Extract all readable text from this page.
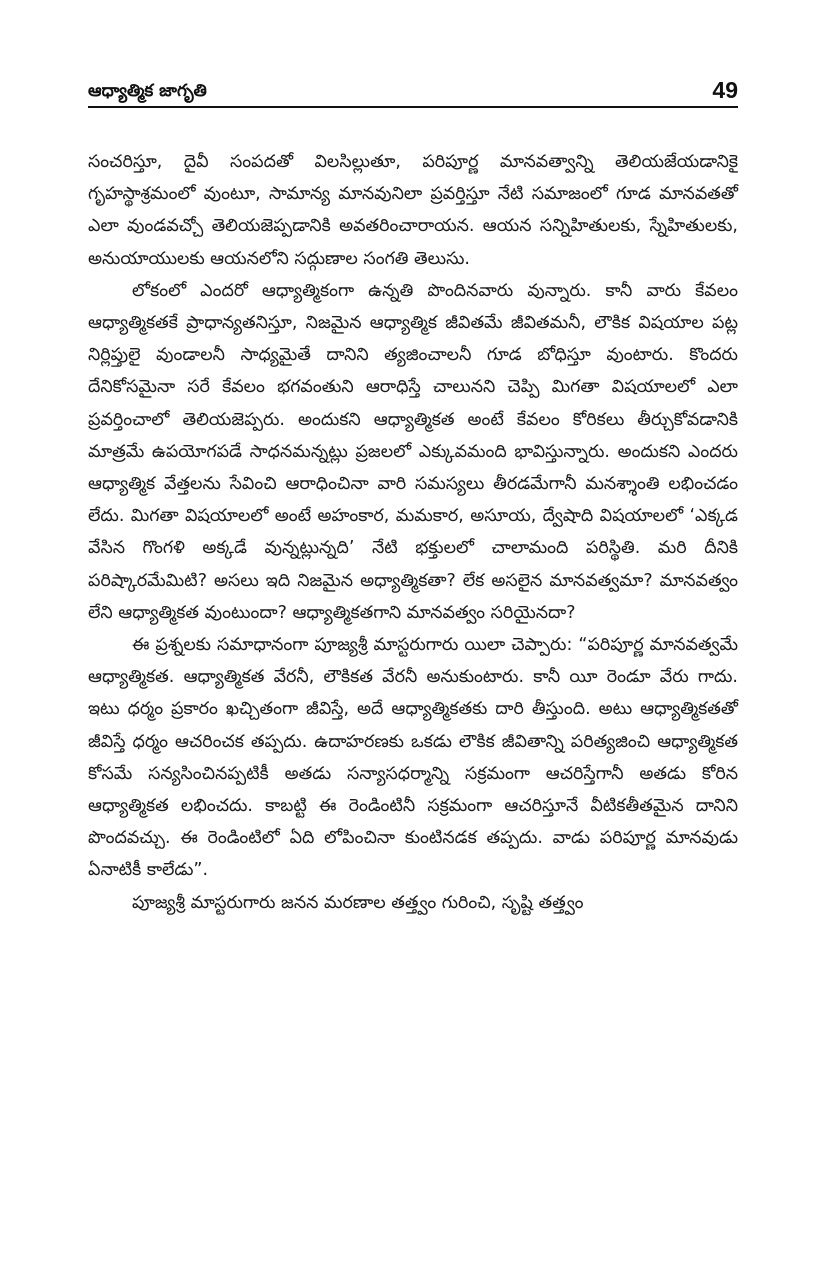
ఆధ్యాత్మిక జాగృతి	49

సంచరిస్తూ, దైవీ సంపదతో విలసిల్లుతూ, పరిపూర్ణ మానవత్వాన్ని తెలియజేయడానికై గృహస్థాశ్రమంలో వుంటూ, సామాన్య మానవునిలా ప్రవర్తిస్తూ నేటి సమాజంలో గూడ మానవతతో ఎలా వుండవచ్చో తెలియజెప్పడానికి అవతరించారాయన. ఆయన సన్నిహితులకు, స్నేహితులకు, అనుయాయులకు ఆయనలోని సద్గుణాల సంగతి తెలుసు.

లోకంలో ఎందరో ఆధ్యాత్మికంగా ఉన్నతి పొందినవారు వున్నారు. కానీ వారు కేవలం ఆధ్యాత్మికతకే ప్రాధాన్యతనిస్తూ, నిజమైన ఆధ్యాత్మిక జీవితమే జీవితమనీ, లౌకిక విషయాల పట్ల నిర్లిప్తులై వుండాలనీ సాధ్యమైతే దానిని త్యజించాలనీ గూడ బోధిస్తూ వుంటారు. కొందరు దేనికోసమైనా సరే కేవలం భగవంతుని ఆరాధిస్తే చాలునని చెప్పి మిగతా విషయాలలో ఎలా ప్రవర్తించాలో తెలియజెప్పరు. అందుకని ఆధ్యాత్మికత అంటే కేవలం కోరికలు తీర్చుకోవడానికి మాత్రమే ఉపయోగపడే సాధనమన్నట్లు ప్రజలలో ఎక్కువమంది భావిస్తున్నారు. అందుకని ఎందరు ఆధ్యాత్మిక వేత్తలను సేవించి ఆరాధించినా వారి సమస్యలు తీరడమేగానీ మనశ్శాంతి లభించడం లేదు. మిగతా విషయాలలో అంటే అహంకార, మమకార, అసూయ, ద్వేషాది విషయాలలో ‘ఎక్కడ వేసిన గొంగళి అక్కడే వున్నట్లున్నది’ నేటి భక్తులలో చాలామంది పరిస్థితి. మరి దీనికి పరిష్కారమేమిటి? అసలు ఇది నిజమైన అధ్యాత్మికతా? లేక అసలైన మానవత్వమా? మానవత్వం లేని ఆధ్యాత్మికత వుంటుందా? ఆధ్యాత్మికతగాని మానవత్వం సరియైనదా?

ఈ ప్రశ్నలకు సమాధానంగా పూజ్యశ్రీ మాస్టరుగారు యిలా చెప్పారు: “పరిపూర్ణ మానవత్వమే ఆధ్యాత్మికత. ఆధ్యాత్మికత వేరనీ, లౌకికత వేరనీ అనుకుంటారు. కానీ యీ రెండూ వేరు గాదు. ఇటు ధర్మం ప్రకారం ఖచ్చితంగా జీవిస్తే, అదే ఆధ్యాత్మికతకు దారి తీస్తుంది. అటు ఆధ్యాత్మికతతో జీవిస్తే ధర్మం ఆచరించక తప్పదు. ఉదాహరణకు ఒకడు లౌకిక జీవితాన్ని పరిత్యజించి ఆధ్యాత్మికత కోసమే సన్యసించినప్పటికీ అతడు సన్యాసధర్మాన్ని సక్రమంగా ఆచరిస్తేగానీ అతడు కోరిన ఆధ్యాత్మికత లభించదు. కాబట్టి ఈ రెండింటినీ సక్రమంగా ఆచరిస్తూనే వీటికతీతమైన దానిని పొందవచ్చు. ఈ రెండింటిలో ఏది లోపించినా కుంటినడక తప్పదు. వాడు పరిపూర్ణ మానవుడు ఏనాటికీ కాలేడు”.

పూజ్యశ్రీ మాస్టరుగారు జనన మరణాల తత్త్వం గురించి, సృష్టి తత్త్వం
